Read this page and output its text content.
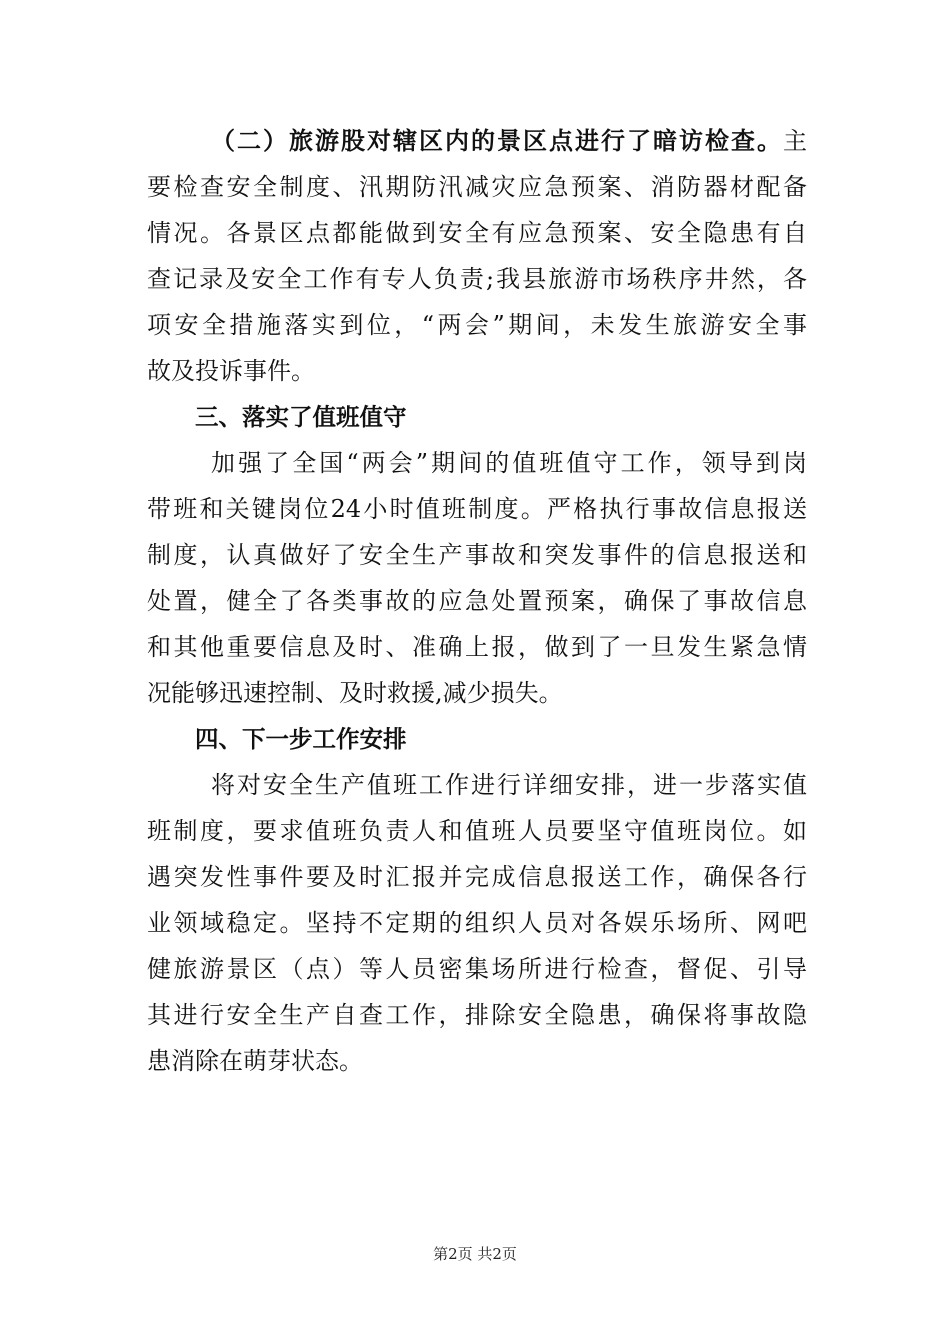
（二）旅游股对辖区内的景区点进行了暗访检查。主
要检查安全制度、汛期防汛减灾应急预案、消防器材配备
情况。各景区点都能做到安全有应急预案、安全隐患有自
查记录及安全工作有专人负责;我县旅游市场秩序井然，各
项安全措施落实到位，“两会”期间，未发生旅游安全事
故及投诉事件。
三、落实了值班值守
加强了全国“两会”期间的值班值守工作，领导到岗
带班和关键岗位24小时值班制度。严格执行事故信息报送
制度，认真做好了安全生产事故和突发事件的信息报送和
处置，健全了各类事故的应急处置预案，确保了事故信息
和其他重要信息及时、准确上报，做到了一旦发生紧急情
况能够迅速控制、及时救援,减少损失。
四、下一步工作安排
将对安全生产值班工作进行详细安排，进一步落实值
班制度，要求值班负责人和值班人员要坚守值班岗位。如
遇突发性事件要及时汇报并完成信息报送工作，确保各行
业领域稳定。坚持不定期的组织人员对各娱乐场所、网吧
健旅游景区（点）等人员密集场所进行检查，督促、引导
其进行安全生产自查工作，排除安全隐患，确保将事故隐
患消除在萌芽状态。
第2页 共2页
